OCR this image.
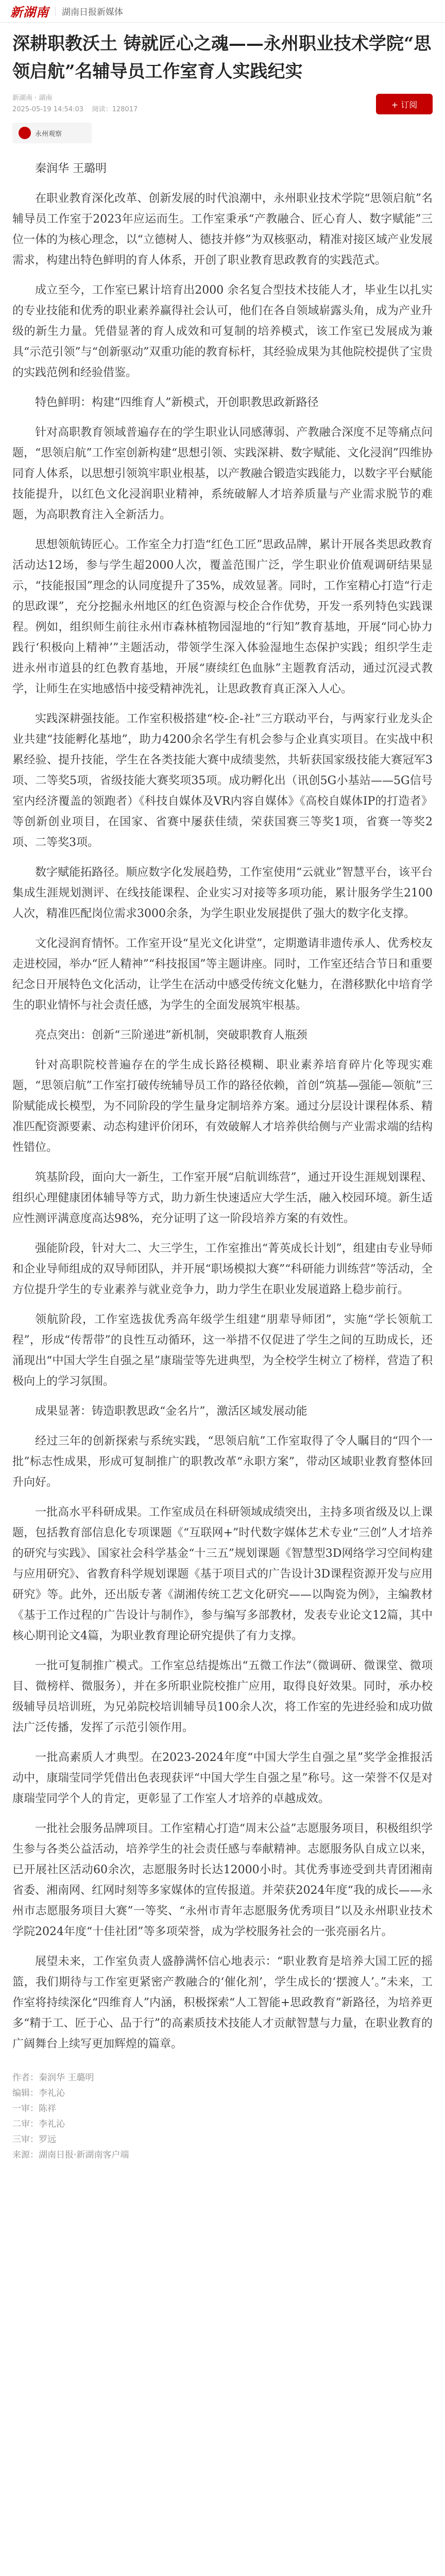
新湖南 湖南日报新媒体
深耕职教沃土 铸就匠心之魂——永州职业技术学院“思领启航”名辅导员工作室育人实践纪实
新湖南 · 湖南
2025-05-19 14:54:03 阅读：128017	+ 订阅
永州观察

秦润华 王璐明

在职业教育深化改革、创新发展的时代浪潮中，永州职业技术学院“思领启航”名辅导员工作室于2023年应运而生。工作室秉承“产教融合、匠心育人、数字赋能”三位一体的为核心理念，以“立德树人、德技并修”为双核驱动，精准对接区域产业发展需求，构建出特色鲜明的育人体系，开创了职业教育思政教育的实践范式。

成立至今，工作室已累计培育出2000 余名复合型技术技能人才，毕业生以扎实的专业技能和优秀的职业素养赢得社会认可，他们在各自领域崭露头角，成为产业升级的新生力量。凭借显著的育人成效和可复制的培养模式，该工作室已发展成为兼具“示范引领”与“创新驱动”双重功能的教育标杆，其经验成果为其他院校提供了宝贵的实践范例和经验借鉴。

特色鲜明：构建“四维育人”新模式，开创职教思政新路径

针对高职教育领域普遍存在的学生职业认同感薄弱、产教融合深度不足等痛点问题，“思领启航”工作室创新构建“思想引领、实践深耕、数字赋能、文化浸润”四维协同育人体系，以思想引领筑牢职业根基，以产教融合锻造实践能力，以数字平台赋能技能提升，以红色文化浸润职业精神，系统破解人才培养质量与产业需求脱节的难题，为高职教育注入全新活力。

思想领航铸匠心。工作室全力打造“红色工匠”思政品牌，累计开展各类思政教育活动达12场，参与学生超2000人次，覆盖范围广泛，学生职业价值观调研结果显示，“技能报国”理念的认同度提升了35%，成效显著。同时，工作室精心打造“行走的思政课”，充分挖掘永州地区的红色资源与校企合作优势，开发一系列特色实践课程。例如，组织师生前往永州市森林植物园湿地的“行知”教育基地，开展“同心协力践行‘积极向上精神’”主题活动，带领学生深入体验湿地生态保护实践；组织学生走进永州市道县的红色教育基地，开展“赓续红色血脉”主题教育活动，通过沉浸式教学，让师生在实地感悟中接受精神洗礼，让思政教育真正深入人心。

实践深耕强技能。工作室积极搭建“校-企-社”三方联动平台，与两家行业龙头企业共建“技能孵化基地”，助力4200余名学生有机会参与企业真实项目。在实战中积累经验、提升技能，学生在各类技能大赛中成绩斐然，共斩获国家级技能大赛冠军3项、二等奖5项，省级技能大赛奖项35项。成功孵化出（讯创5G小基站——5G信号室内经济覆盖的领跑者）《科技自媒体及VR内容自媒体》《高校自媒体IP的打造者》等创新创业项目，在国家、省赛中屡获佳绩，荣获国赛三等奖1项，省赛一等奖2项、二等奖3项。

数字赋能拓路径。顺应数字化发展趋势，工作室使用“云就业”智慧平台，该平台集成生涯规划测评、在线技能课程、企业实习对接等多项功能，累计服务学生2100人次，精准匹配岗位需求3000余条，为学生职业发展提供了强大的数字化支撑。

文化浸润育情怀。工作室开设“星光文化讲堂”，定期邀请非遗传承人、优秀校友走进校园，举办“匠人精神”“科技报国”等主题讲座。同时，工作室还结合节日和重要纪念日开展特色文化活动，让学生在活动中感受传统文化魅力，在潜移默化中培育学生的职业情怀与社会责任感，为学生的全面发展筑牢根基。

亮点突出：创新“三阶递进”新机制，突破职教育人瓶颈

针对高职院校普遍存在的学生成长路径模糊、职业素养培育碎片化等现实难题，“思领启航”工作室打破传统辅导员工作的路径依赖，首创“筑基—强能—领航”三阶赋能成长模型，为不同阶段的学生量身定制培养方案。通过分层设计课程体系、精准匹配资源要素、动态构建评价闭环，有效破解人才培养供给侧与产业需求端的结构性错位。

筑基阶段，面向大一新生，工作室开展“启航训练营”，通过开设生涯规划课程、组织心理健康团体辅导等方式，助力新生快速适应大学生活，融入校园环境。新生适应性测评满意度高达98%，充分证明了这一阶段培养方案的有效性。

强能阶段，针对大二、大三学生，工作室推出“菁英成长计划”，组建由专业导师和企业导师组成的双导师团队，并开展“职场模拟大赛”“科研能力训练营”等活动，全方位提升学生的专业素养与就业竞争力，助力学生在职业发展道路上稳步前行。

领航阶段，工作室选拔优秀高年级学生组建“朋辈导师团”，实施“学长领航工程”，形成“传帮带”的良性互动循环，这一举措不仅促进了学生之间的互助成长，还涌现出“中国大学生自强之星”康瑞莹等先进典型，为全校学生树立了榜样，营造了积极向上的学习氛围。

成果显著：铸造职教思政“金名片”，激活区域发展动能

经过三年的创新探索与系统实践，“思领启航”工作室取得了令人瞩目的“四个一批”标志性成果，形成可复制推广的职教改革“永职方案”，带动区域职业教育整体回升向好。

一批高水平科研成果。工作室成员在科研领域成绩突出，主持多项省级及以上课题，包括教育部信息化专项课题《“互联网+”时代数字媒体艺术专业“三创”人才培养的研究与实践》、国家社会科学基金“十三五”规划课题《智慧型3D网络学习空间构建与应用研究》、省教育科学规划课题《基于项目式的广告设计3D课程资源开发与应用研究》等。此外，还出版专著《湖湘传统工艺文化研究——以陶瓷为例》，主编教材《基于工作过程的广告设计与制作》，参与编写多部教材，发表专业论文12篇，其中核心期刊论文4篇，为职业教育理论研究提供了有力支撑。

一批可复制推广模式。工作室总结提炼出“五微工作法”（微调研、微课堂、微项目、微榜样、微服务），并在多所职业院校推广应用，取得良好效果。同时，承办校级辅导员培训班，为兄弟院校培训辅导员100余人次，将工作室的先进经验和成功做法广泛传播，发挥了示范引领作用。

一批高素质人才典型。在2023-2024年度“中国大学生自强之星”奖学金推报活动中，康瑞莹同学凭借出色表现获评“中国大学生自强之星”称号。这一荣誉不仅是对康瑞莹同学个人的肯定，更彰显了工作室人才培养的卓越成效。

一批社会服务品牌项目。工作室精心打造“周末公益”志愿服务项目，积极组织学生参与各类公益活动，培养学生的社会责任感与奉献精神。志愿服务队自成立以来，已开展社区活动60余次，志愿服务时长达12000小时。其优秀事迹受到共青团湘南省委、湘南网、红网时刻等多家媒体的宣传报道。并荣获2024年度“我的成长——永州市志愿服务项目大赛”一等奖、“永州市青年志愿服务优秀项目”以及永州职业技术学院2024年度“十佳社团”等多项荣誉，成为学校服务社会的一张亮丽名片。

展望未来，工作室负责人盛静满怀信心地表示：“职业教育是培养大国工匠的摇篮，我们期待与工作室更紧密产教融合的‘催化剂’，学生成长的‘摆渡人’。”未来，工作室将持续深化“四维育人”内涵，积极探索“人工智能+思政教育”新路径，为培养更多“精于工、匠于心、品于行”的高素质技术技能人才贡献智慧与力量，在职业教育的广阔舞台上续写更加辉煌的篇章。

作者：秦润华 王璐明
编辑：李礼沁
一审：陈祥
二审：李礼沁
三审：罗远
来源：湖南日报·新湖南客户端
